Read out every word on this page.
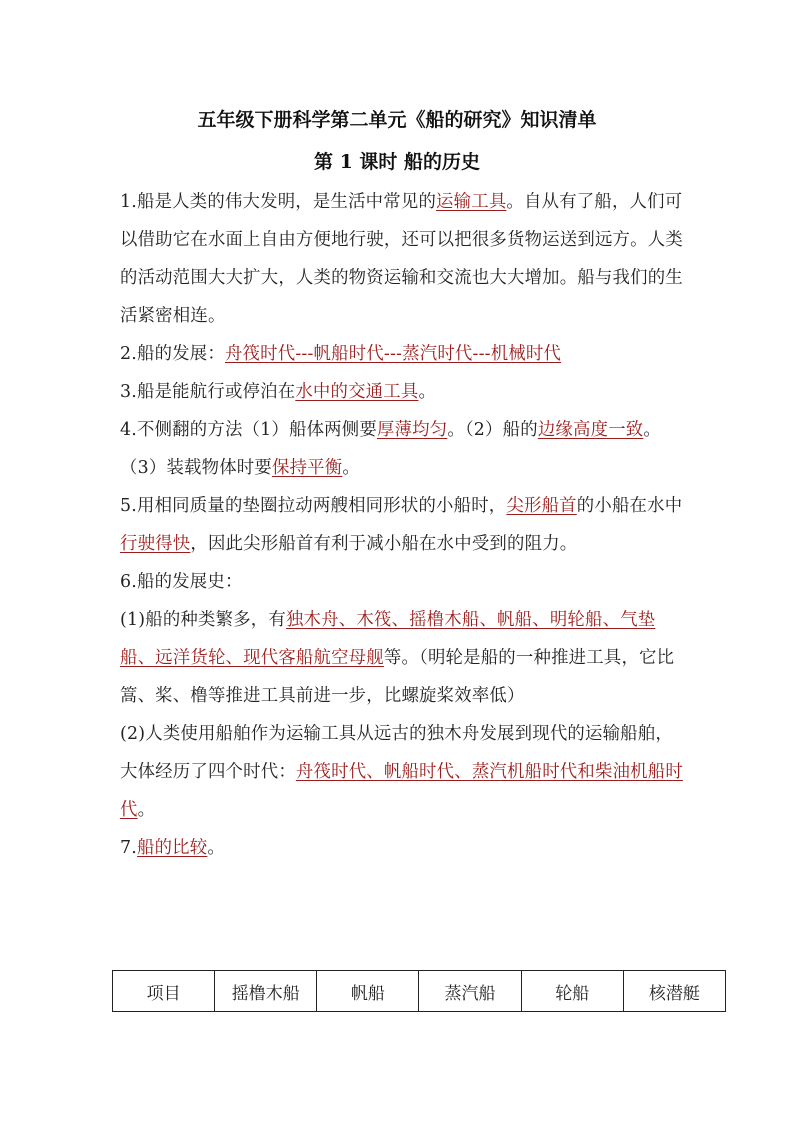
五年级下册科学第二单元《船的研究》知识清单
第 1 课时 船的历史

1.船是人类的伟大发明，是生活中常见的运输工具。自从有了船，人们可以借助它在水面上自由方便地行驶，还可以把很多货物运送到远方。人类的活动范围大大扩大，人类的物资运输和交流也大大增加。船与我们的生活紧密相连。

2.船的发展：舟筏时代---帆船时代---蒸汽时代---机械时代

3.船是能航行或停泊在水中的交通工具。

4.不侧翻的方法（1）船体两侧要厚薄均匀。（2）船的边缘高度一致。（3）装载物体时要保持平衡。

5.用相同质量的垫圈拉动两艘相同形状的小船时，尖形船首的小船在水中行驶得快，因此尖形船首有利于减小船在水中受到的阻力。

6.船的发展史：

(1)船的种类繁多，有独木舟、木筏、摇橹木船、帆船、明轮船、气垫船、远洋货轮、现代客船航空母舰等。（明轮是船的一种推进工具，它比篙、桨、橹等推进工具前进一步，比螺旋桨效率低）

(2)人类使用船舶作为运输工具从远古的独木舟发展到现代的运输船舶，大体经历了四个时代：舟筏时代、帆船时代、蒸汽机船时代和柴油机船时代。

7.船的比较。

项目	摇橹木船	帆船	蒸汽船	轮船	核潜艇
